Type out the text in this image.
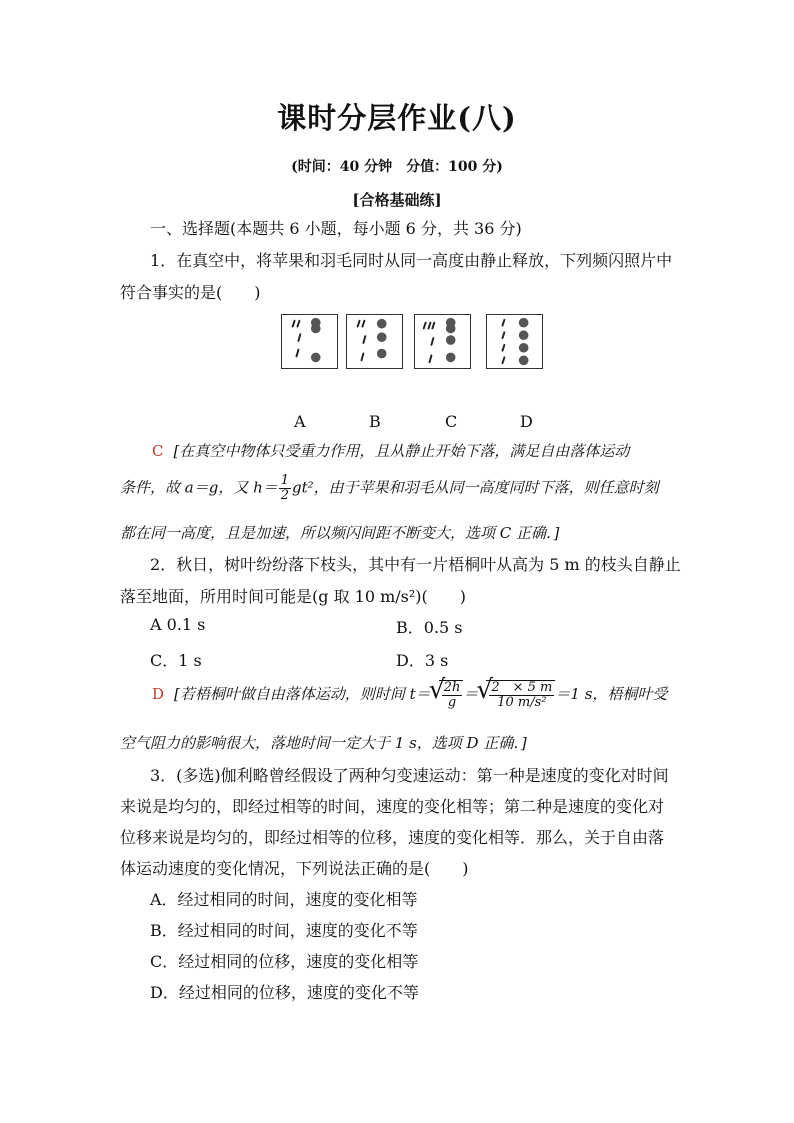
课时分层作业(八)
(时间：40 分钟　分值：100 分)
[合格基础练]
一、选择题(本题共 6 小题，每小题 6 分，共 36 分)
1．在真空中，将苹果和羽毛同时从同一高度由静止释放，下列频闪照片中
符合事实的是(　　)
A	B	C	D
C [在真空中物体只受重力作用，且从静止开始下落，满足自由落体运动
条件，故 a＝g，又 $h= \frac{1}{2} gt^2$，由于苹果和羽毛从同一高度同时下落，则任意时刻
都在同一高度，且是加速，所以频闪间距不断变大，选项 C 正确．]
2．秋日，树叶纷纷落下枝头，其中有一片梧桐叶从高为 5 m 的枝头自静止
落至地面，所用时间可能是(g 取 10 m/s²)(　　)
A 0.1 s	B．0.5 s
C．1 s	D．3 s
D [若梧桐叶做自由落体运动，则时间 t＝ √ $\frac{2h}{g}$ ＝ √ $\frac{2 \times 5 m}{\text{10 m/s²}} =1$ s，梧桐叶受
空气阻力的影响很大，落地时间一定大于 1 s，选项 D 正确．]
3．(多选)伽利略曾经假设了两种匀变速运动：第一种是速度的变化对时间
来说是均匀的，即经过相等的时间，速度的变化相等；第二种是速度的变化对
位移来说是均匀的，即经过相等的位移，速度的变化相等．那么，关于自由落
体运动速度的变化情况，下列说法正确的是(　　)
A．经过相同的时间，速度的变化相等
B．经过相同的时间，速度的变化不等
C．经过相同的位移，速度的变化相等
D．经过相同的位移，速度的变化不等
